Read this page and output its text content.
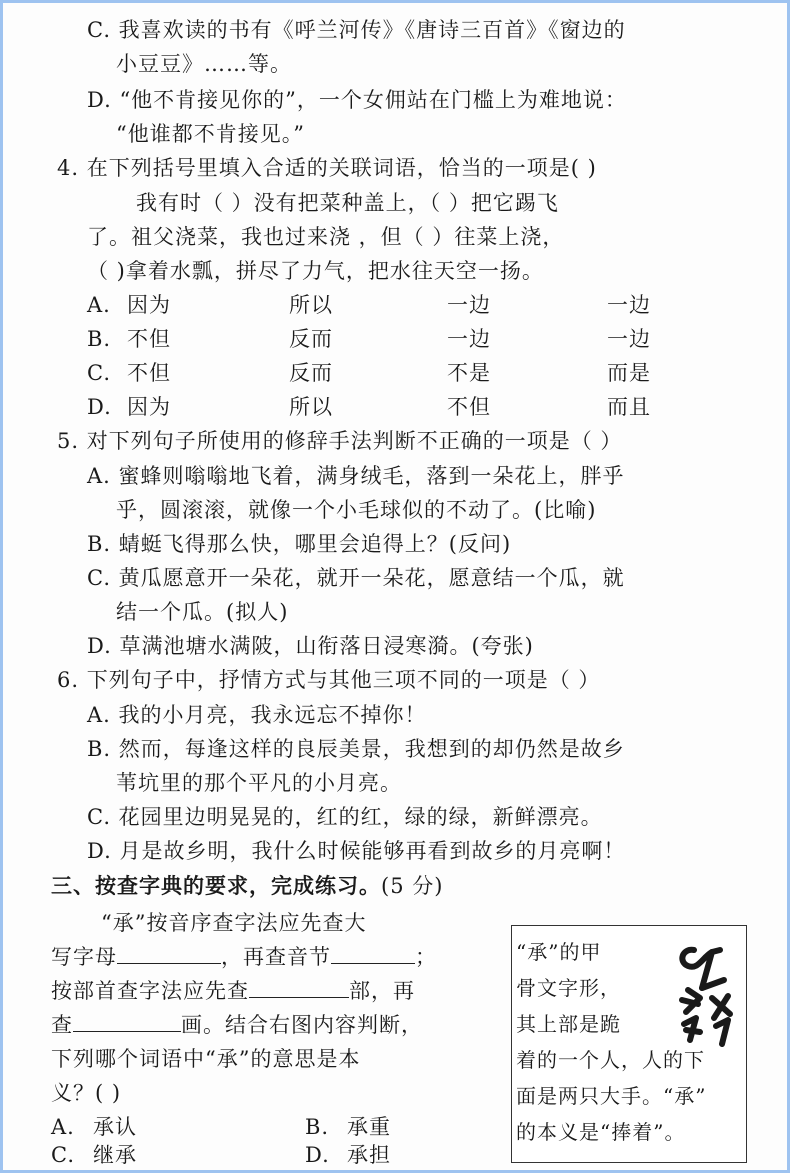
C. 我喜欢读的书有《呼兰河传》《唐诗三百首》《窗边的
小豆豆》……等。
D. “他不肯接见你的”，一个女佣站在门槛上为难地说：
“他谁都不肯接见。”
4. 在下列括号里填入合适的关联词语，恰当的一项是( )
我有时（ ）没有把菜种盖上，（ ）把它踢飞
了。祖父浇菜，我也过来浇 ，但（ ）往菜上浇，
（ )拿着水瓢，拼尽了力气，把水往天空一扬。
A. 因为	所以	一边	一边
B. 不但	反而	一边	一边
C. 不但	反而	不是	而是
D. 因为	所以	不但	而且
5. 对下列句子所使用的修辞手法判断不正确的一项是（ ）
A. 蜜蜂则嗡嗡地飞着，满身绒毛，落到一朵花上，胖乎
乎，圆滚滚，就像一个小毛球似的不动了。(比喻)
B. 蜻蜓飞得那么快，哪里会追得上？(反问)
C. 黄瓜愿意开一朵花，就开一朵花，愿意结一个瓜，就
结一个瓜。(拟人)
D. 草满池塘水满陂，山衔落日浸寒漪。(夸张)
6. 下列句子中，抒情方式与其他三项不同的一项是（ ）
A. 我的小月亮，我永远忘不掉你！
B. 然而，每逢这样的良辰美景，我想到的却仍然是故乡
苇坑里的那个平凡的小月亮。
C. 花园里边明晃晃的，红的红，绿的绿，新鲜漂亮。
D. 月是故乡明，我什么时候能够再看到故乡的月亮啊！
三、按查字典的要求，完成练习。(5 分)
“承”按音序查字法应先查大
写字母	，再查音节	；
按部首查字法应先查	部，再
查	画。结合右图内容判断，
下列哪个词语中“承”的意思是本
义？( )
A. 承认	B. 承重
C. 继承	D. 承担
“承”的甲
骨文字形，
其上部是跪
着的一个人，人的下
面是两只大手。“承”
的本义是“捧着”。
